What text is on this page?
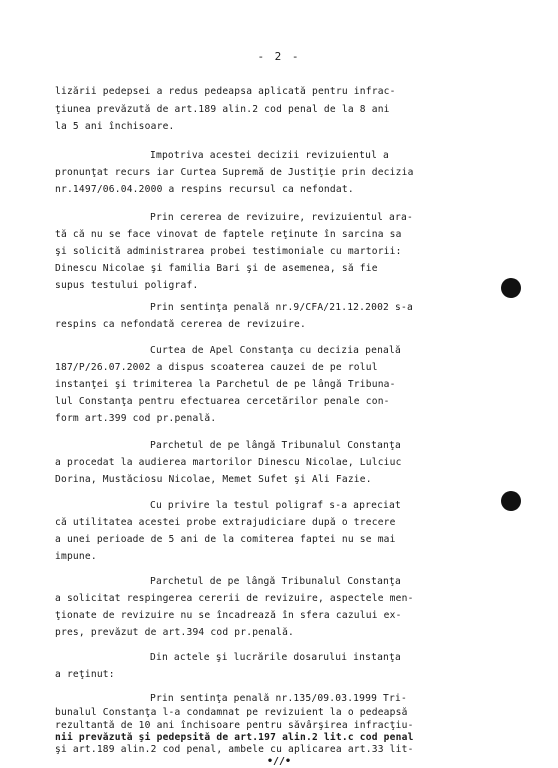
- 2 -
lizării pedepsei a redus pedeapsa aplicată pentru infrac-
ţiunea prevăzută de art.189 alin.2 cod penal de la 8 ani
la 5 ani închisoare.
Impotriva acestei decizii revizuientul a
pronunţat recurs iar Curtea Supremă de Justiţie prin decizia
nr.1497/06.04.2000 a respins recursul ca nefondat.
Prin cererea de revizuire, revizuientul ara-
tă că nu se face vinovat de faptele reţinute în sarcina sa
şi solicită administrarea probei testimoniale cu martorii:
Dinescu Nicolae şi familia Bari şi de asemenea, să fie
supus testului poligraf.
Prin sentinţa penală nr.9/CFA/21.12.2002 s-a
respins ca nefondată cererea de revizuire.
Curtea de Apel Constanţa cu decizia penală
187/P/26.07.2002 a dispus scoaterea cauzei de pe rolul
instanţei şi trimiterea la Parchetul de pe lângă Tribuna-
lul Constanţa pentru efectuarea cercetărilor penale con-
form art.399 cod pr.penală.
Parchetul de pe lângă Tribunalul Constanţa
a procedat la audierea martorilor Dinescu Nicolae, Lulciuc
Dorina, Mustăciosu Nicolae, Memet Sufet şi Ali Fazie.
Cu privire la testul poligraf s-a apreciat
că utilitatea acestei probe extrajudiciare după o trecere
a unei perioade de 5 ani de la comiterea faptei nu se mai
impune.
Parchetul de pe lângă Tribunalul Constanţa
a solicitat respingerea cererii de revizuire, aspectele men-
ţionate de revizuire nu se încadrează în sfera cazului ex-
pres, prevăzut de art.394 cod pr.penală.
Din actele şi lucrările dosarului instanţa
a reţinut:
Prin sentinţa penală nr.135/09.03.1999 Tri-
bunalul Constanţa l-a condamnat pe revizuient la o pedeapsă
rezultantă de 10 ani închisoare pentru săvârşirea infracţiu-
nii prevăzută şi pedepsită de art.197 alin.2 lit.c cod penal
şi art.189 alin.2 cod penal, ambele cu aplicarea art.33 lit-
•//•
